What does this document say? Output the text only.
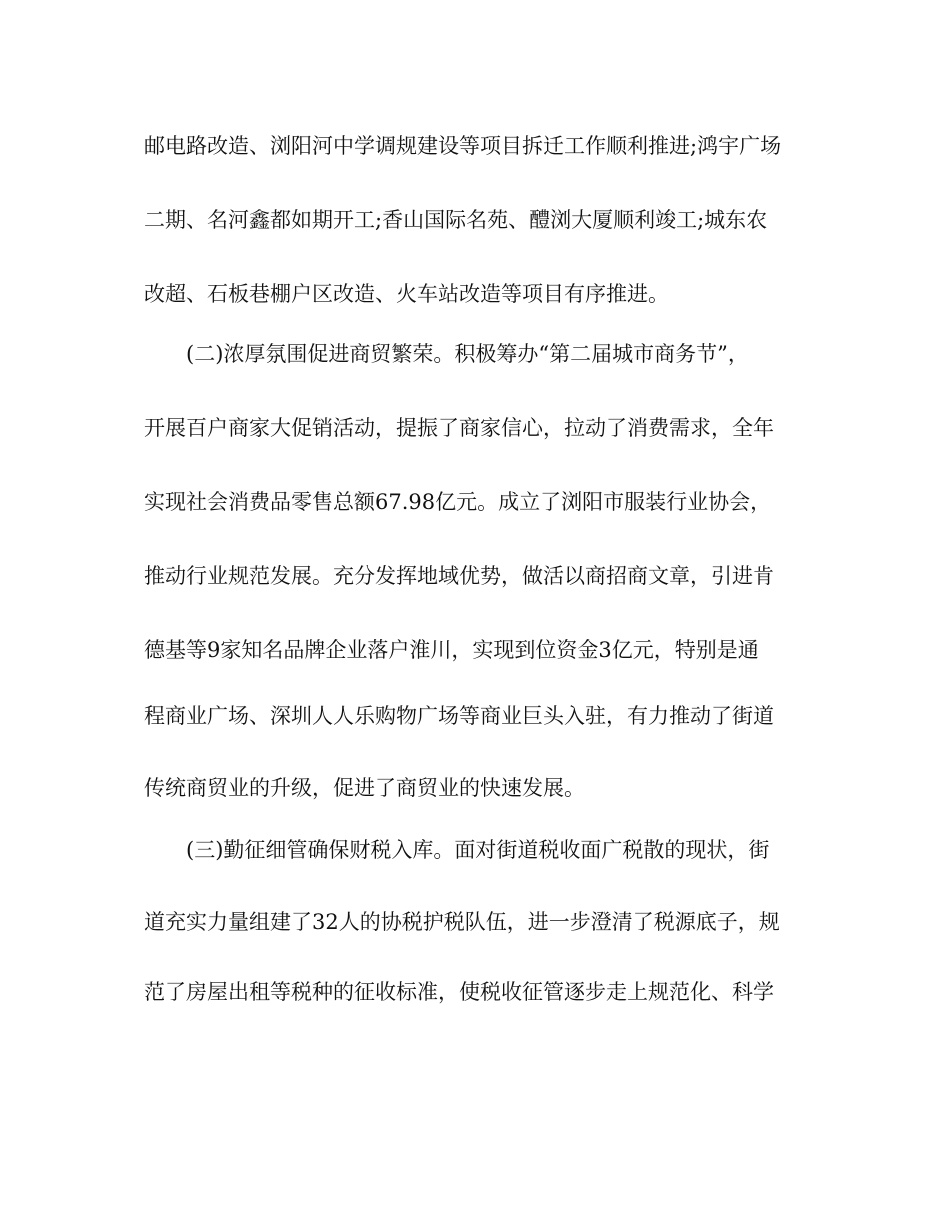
邮电路改造、浏阳河中学调规建设等项目拆迁工作顺利推进;鸿宇广场
二期、名河鑫都如期开工;香山国际名苑、醴浏大厦顺利竣工;城东农
改超、石板巷棚户区改造、火车站改造等项目有序推进。
(二)浓厚氛围促进商贸繁荣。积极筹办“第二届城市商务节”，
开展百户商家大促销活动，提振了商家信心，拉动了消费需求，全年
实现社会消费品零售总额67.98亿元。成立了浏阳市服装行业协会，
推动行业规范发展。充分发挥地域优势，做活以商招商文章，引进肯
德基等9家知名品牌企业落户淮川，实现到位资金3亿元，特别是通
程商业广场、深圳人人乐购物广场等商业巨头入驻，有力推动了街道
传统商贸业的升级，促进了商贸业的快速发展。
(三)勤征细管确保财税入库。面对街道税收面广税散的现状，街
道充实力量组建了32人的协税护税队伍，进一步澄清了税源底子，规
范了房屋出租等税种的征收标准，使税收征管逐步走上规范化、科学
